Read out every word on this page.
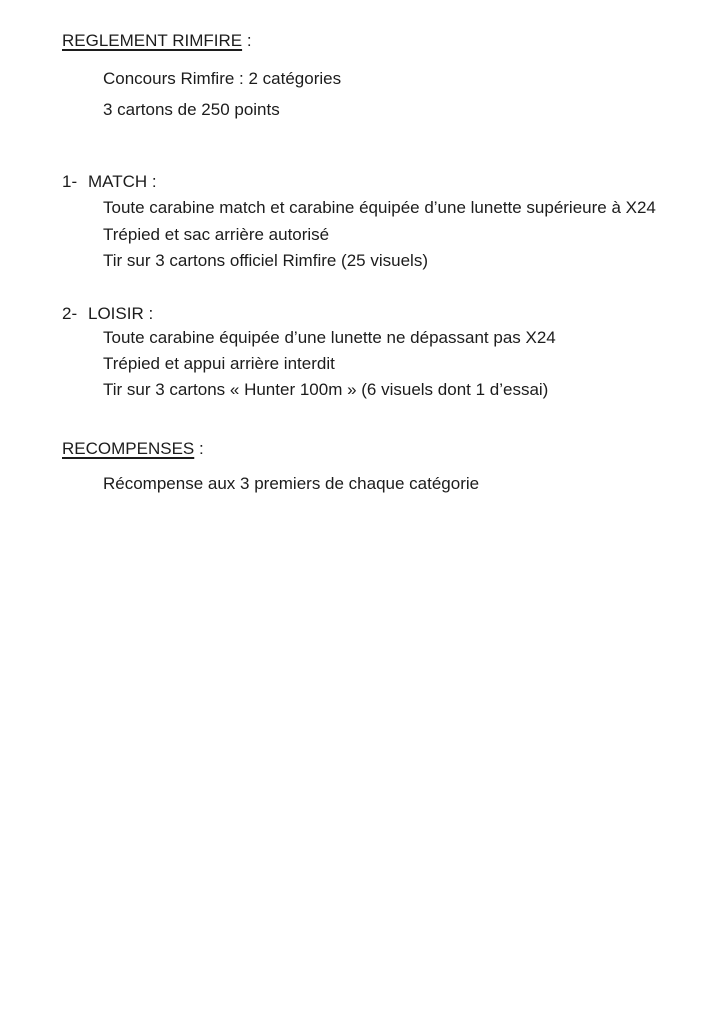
REGLEMENT RIMFIRE :
Concours Rimfire : 2 catégories
3 cartons de 250 points
1- MATCH :
Toute carabine match et carabine équipée d’une lunette supérieure à X24
Trépied et sac arrière autorisé
Tir sur 3 cartons officiel Rimfire (25 visuels)
2- LOISIR :
Toute carabine équipée d’une lunette ne dépassant pas X24
Trépied et appui arrière interdit
Tir sur 3 cartons « Hunter 100m » (6 visuels dont 1 d’essai)
RECOMPENSES :
Récompense aux 3 premiers de chaque catégorie
